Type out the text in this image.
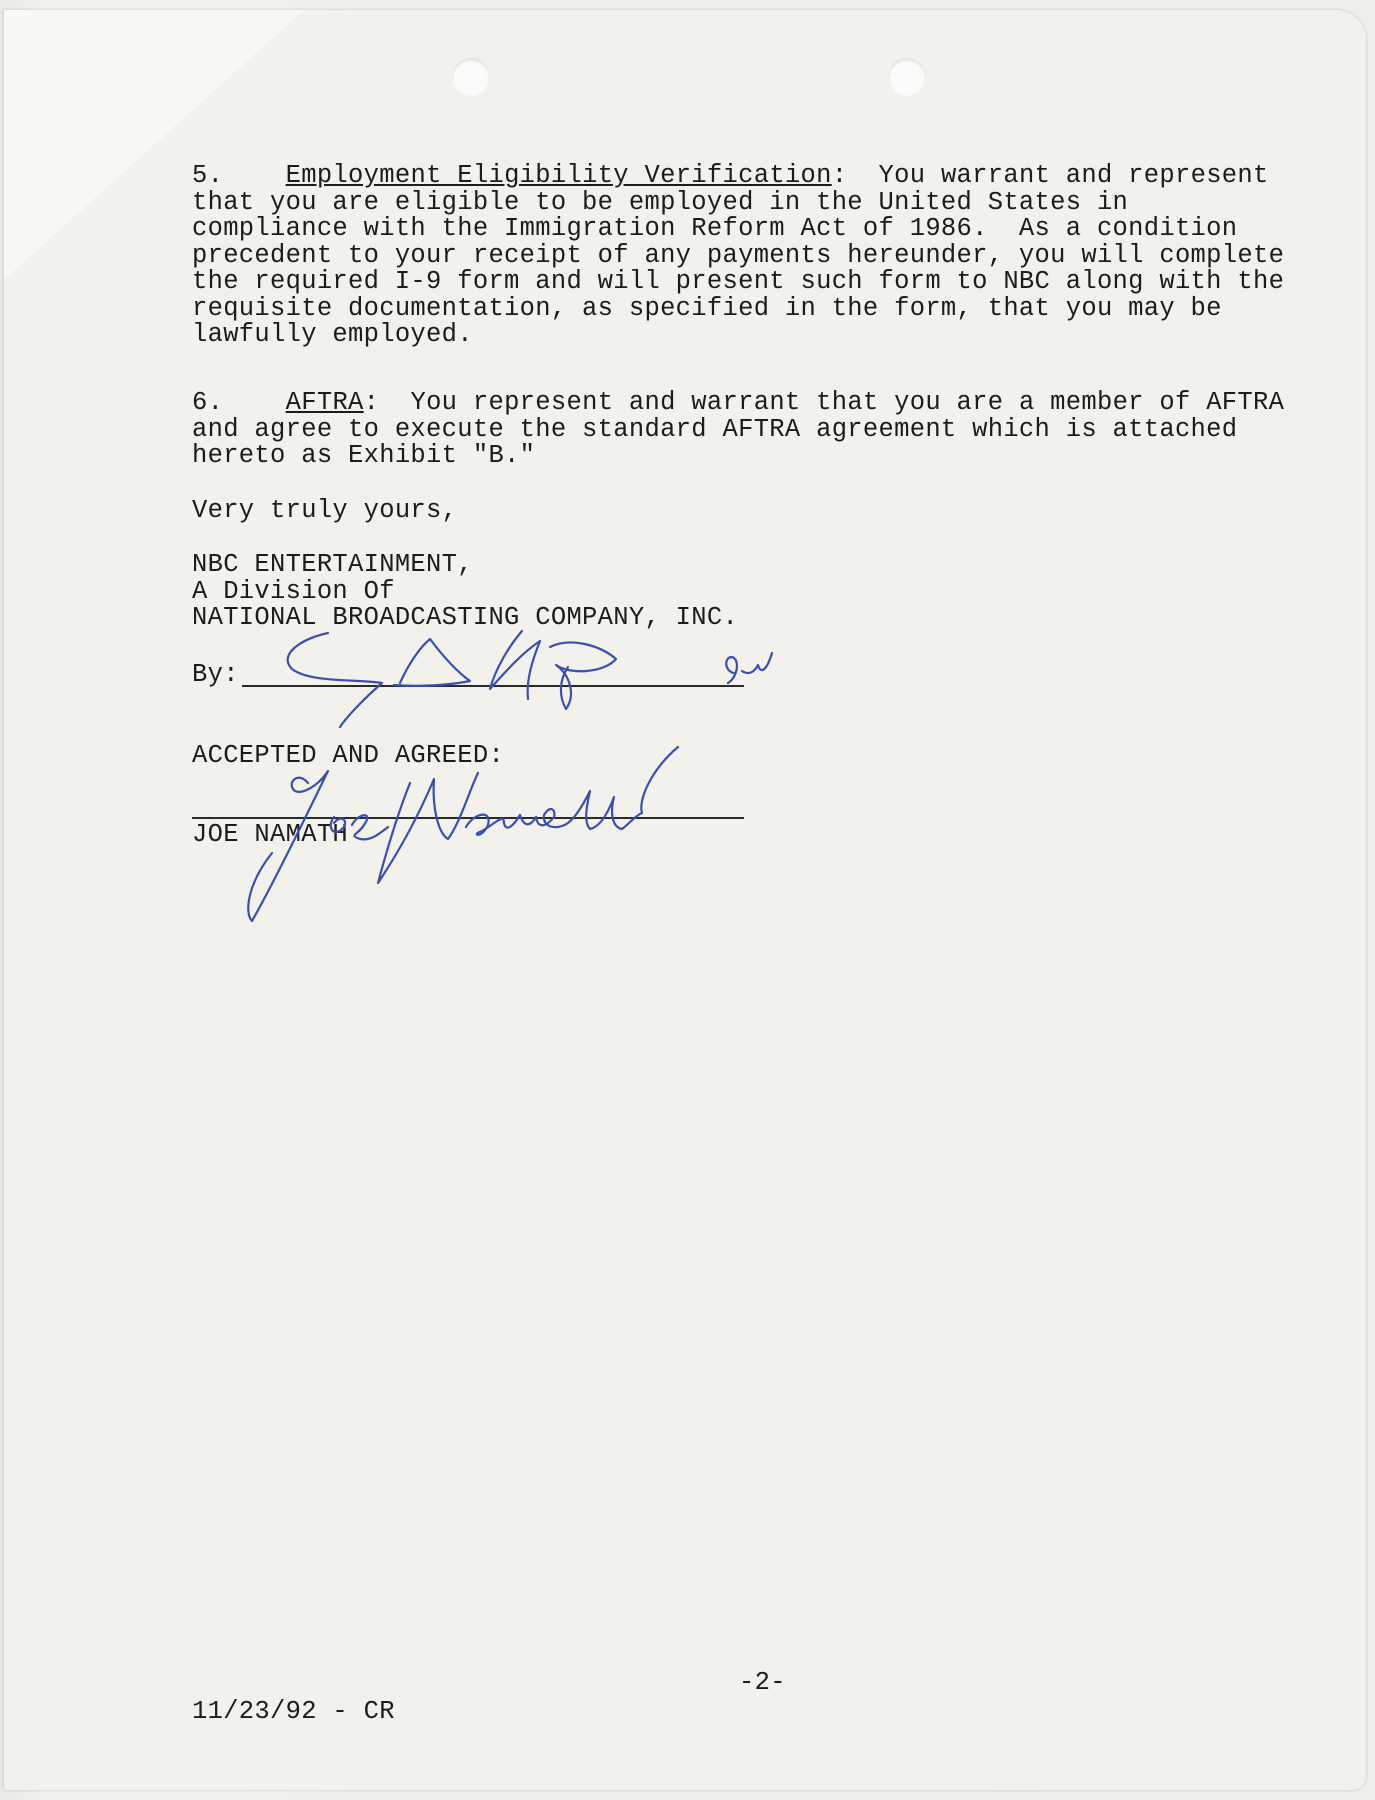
5. Employment Eligibility Verification:  You warrant and represent
that you are eligible to be employed in the United States in
compliance with the Immigration Reform Act of 1986.  As a condition
precedent to your receipt of any payments hereunder, you will complete
the required I-9 form and will present such form to NBC along with the
requisite documentation, as specified in the form, that you may be
lawfully employed.
6. AFTRA:  You represent and warrant that you are a member of AFTRA
and agree to execute the standard AFTRA agreement which is attached
hereto as Exhibit "B."
Very truly yours,
NBC ENTERTAINMENT,
A Division Of
NATIONAL BROADCASTING COMPANY, INC.
By:
ACCEPTED AND AGREED:
JOE NAMATH
-2-
11/23/92 - CR
